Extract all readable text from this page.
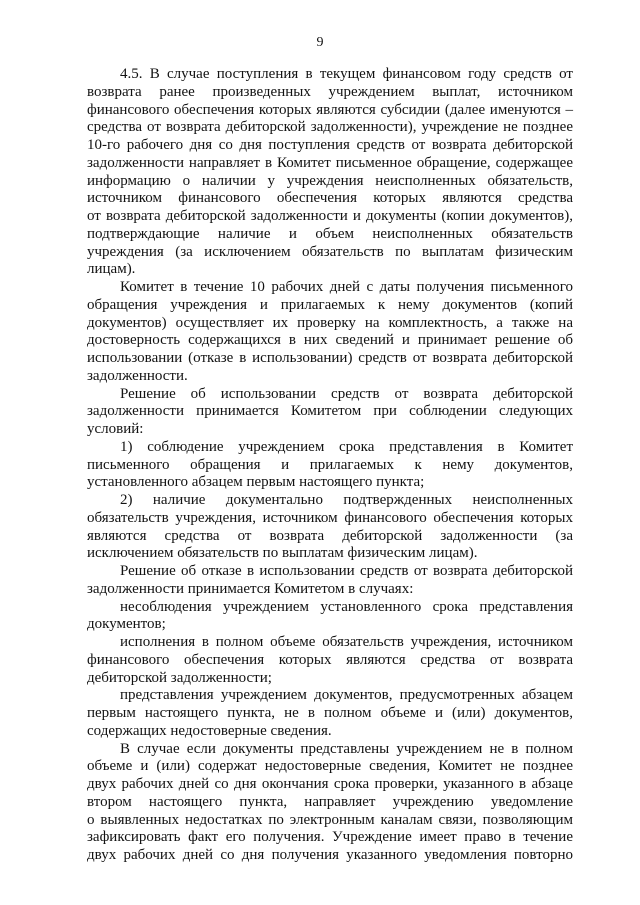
9
4.5. В случае поступления в текущем финансовом году средств от
возврата ранее произведенных учреждением выплат, источником
финансового обеспечения которых являются субсидии (далее именуются –
средства от возврата дебиторской задолженности), учреждение не позднее
10-го рабочего дня со дня поступления средств от возврата дебиторской
задолженности направляет в Комитет письменное обращение, содержащее
информацию о наличии у учреждения неисполненных обязательств,
источником финансового обеспечения которых являются средства
от возврата дебиторской задолженности и документы (копии документов),
подтверждающие наличие и объем неисполненных обязательств
учреждения (за исключением обязательств по выплатам физическим
лицам).
Комитет в течение 10 рабочих дней с даты получения письменного
обращения учреждения и прилагаемых к нему документов (копий
документов) осуществляет их проверку на комплектность, а также на
достоверность содержащихся в них сведений и принимает решение об
использовании (отказе в использовании) средств от возврата дебиторской
задолженности.
Решение об использовании средств от возврата дебиторской
задолженности принимается Комитетом при соблюдении следующих
условий:
1) соблюдение учреждением срока представления в Комитет
письменного обращения и прилагаемых к нему документов,
установленного абзацем первым настоящего пункта;
2) наличие документально подтвержденных неисполненных
обязательств учреждения, источником финансового обеспечения которых
являются средства от возврата дебиторской задолженности (за
исключением обязательств по выплатам физическим лицам).
Решение об отказе в использовании средств от возврата дебиторской
задолженности принимается Комитетом в случаях:
несоблюдения учреждением установленного срока представления
документов;
исполнения в полном объеме обязательств учреждения, источником
финансового обеспечения которых являются средства от возврата
дебиторской задолженности;
представления учреждением документов, предусмотренных абзацем
первым настоящего пункта, не в полном объеме и (или) документов,
содержащих недостоверные сведения.
В случае если документы представлены учреждением не в полном
объеме и (или) содержат недостоверные сведения, Комитет не позднее
двух рабочих дней со дня окончания срока проверки, указанного в абзаце
втором настоящего пункта, направляет учреждению уведомление
о выявленных недостатках по электронным каналам связи, позволяющим
зафиксировать факт его получения. Учреждение имеет право в течение
двух рабочих дней со дня получения указанного уведомления повторно
